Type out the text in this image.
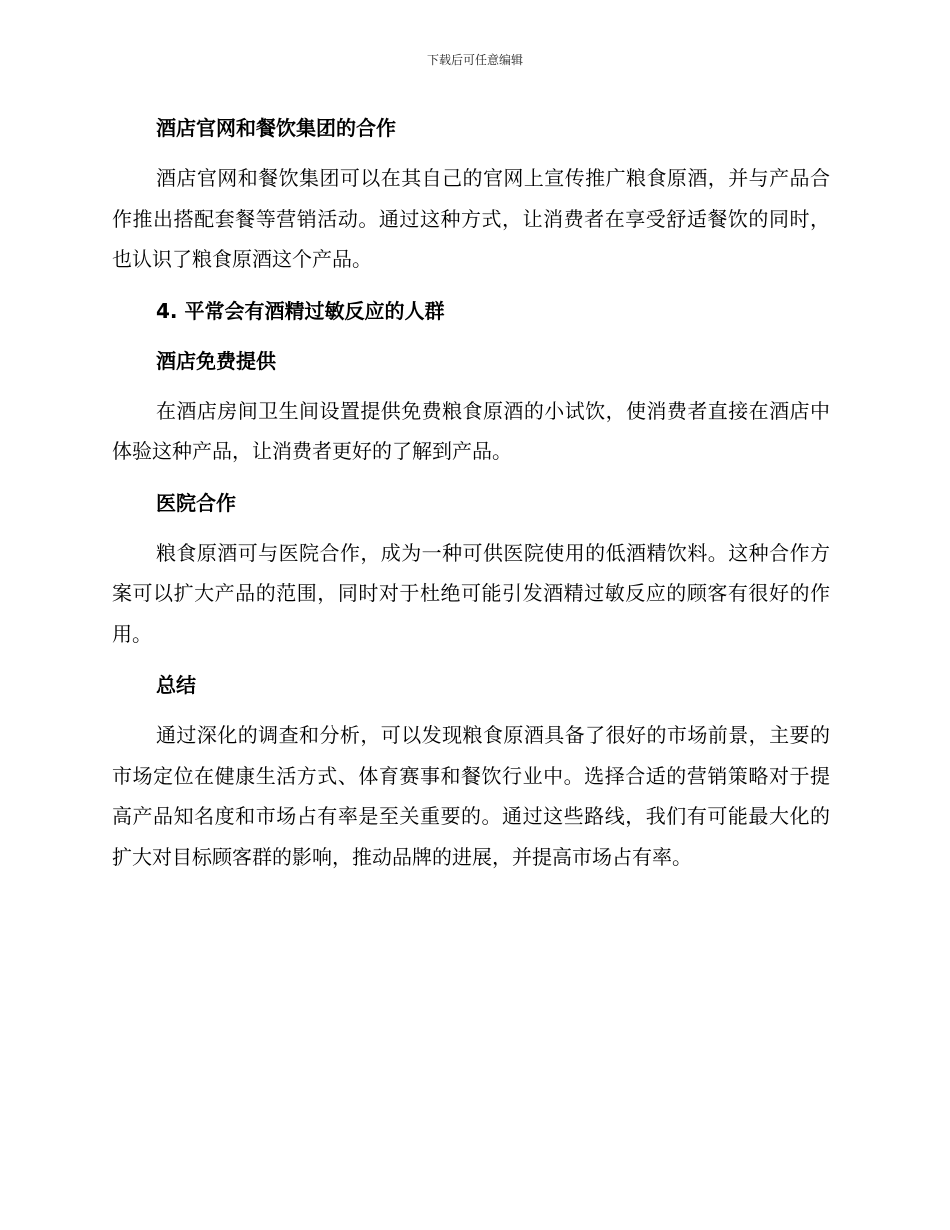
下载后可任意编辑
酒店官网和餐饮集团的合作

酒店官网和餐饮集团可以在其自己的官网上宣传推广粮食原酒，并与产品合作推出搭配套餐等营销活动。通过这种方式，让消费者在享受舒适餐饮的同时，也认识了粮食原酒这个产品。

4. 平常会有酒精过敏反应的人群
酒店免费提供

在酒店房间卫生间设置提供免费粮食原酒的小试饮，使消费者直接在酒店中体验这种产品，让消费者更好的了解到产品。

医院合作

粮食原酒可与医院合作，成为一种可供医院使用的低酒精饮料。这种合作方案可以扩大产品的范围，同时对于杜绝可能引发酒精过敏反应的顾客有很好的作用。

总结

通过深化的调查和分析，可以发现粮食原酒具备了很好的市场前景，主要的市场定位在健康生活方式、体育赛事和餐饮行业中。选择合适的营销策略对于提高产品知名度和市场占有率是至关重要的。通过这些路线，我们有可能最大化的扩大对目标顾客群的影响，推动品牌的进展，并提高市场占有率。
